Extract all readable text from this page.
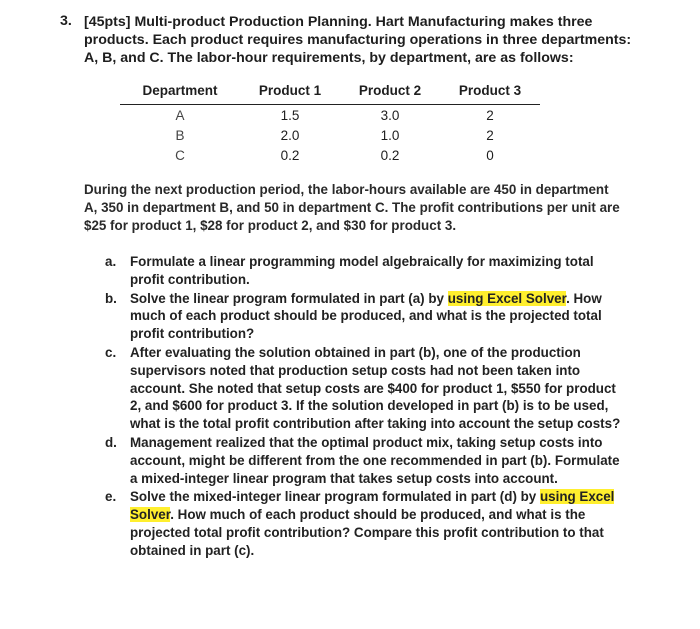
3. [45pts] Multi-product Production Planning. Hart Manufacturing makes three products. Each product requires manufacturing operations in three departments: A, B, and C. The labor-hour requirements, by department, are as follows:
Department	Product 1	Product 2	Product 3
A	1.5	3.0	2
B	2.0	1.0	2
C	0.2	0.2	0
During the next production period, the labor-hours available are 450 in department A, 350 in department B, and 50 in department C. The profit contributions per unit are $25 for product 1, $28 for product 2, and $30 for product 3.
a. Formulate a linear programming model algebraically for maximizing total profit contribution.
b. Solve the linear program formulated in part (a) by using Excel Solver. How much of each product should be produced, and what is the projected total profit contribution?
c. After evaluating the solution obtained in part (b), one of the production supervisors noted that production setup costs had not been taken into account. She noted that setup costs are $400 for product 1, $550 for product 2, and $600 for product 3. If the solution developed in part (b) is to be used, what is the total profit contribution after taking into account the setup costs?
d. Management realized that the optimal product mix, taking setup costs into account, might be different from the one recommended in part (b). Formulate a mixed-integer linear program that takes setup costs into account.
e. Solve the mixed-integer linear program formulated in part (d) by using Excel Solver. How much of each product should be produced, and what is the projected total profit contribution? Compare this profit contribution to that obtained in part (c).
